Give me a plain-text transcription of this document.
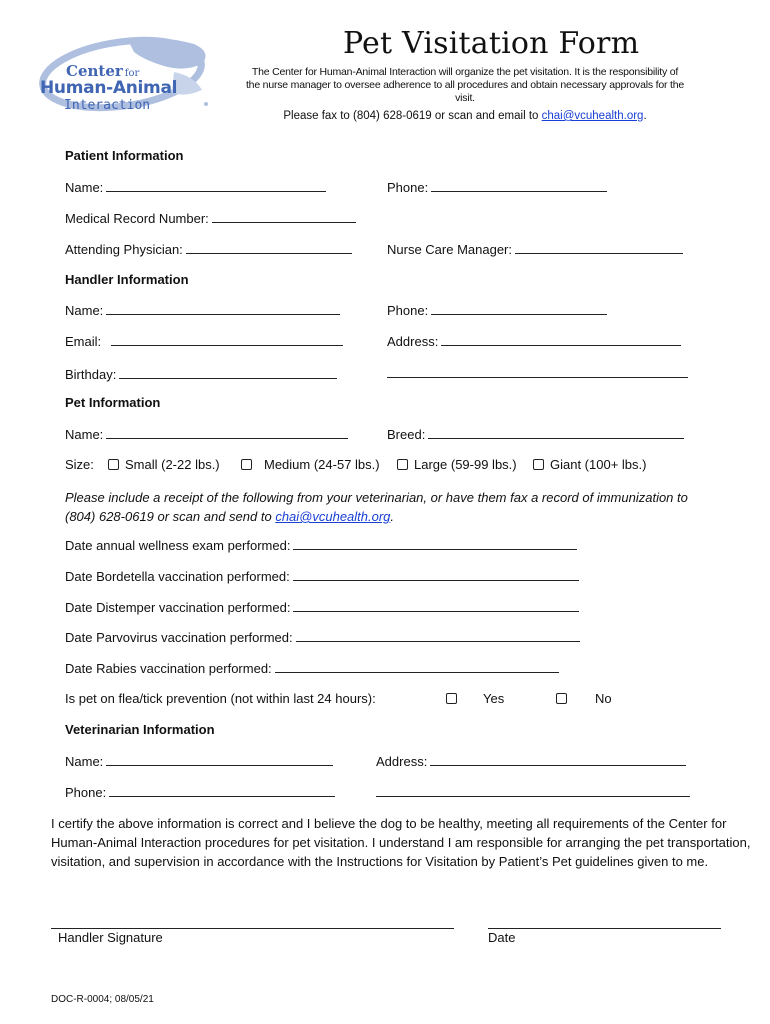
Center for
Human-Animal
Interaction
Pet Visitation Form
The Center for Human-Animal Interaction will organize the pet visitation. It is the responsibility of the nurse manager to oversee adherence to all procedures and obtain necessary approvals for the visit.
Please fax to (804) 628-0619 or scan and email to chai@vcuhealth.org.
Patient Information
Name:	Phone:
Medical Record Number:
Attending Physician:	Nurse Care Manager:
Handler Information
Name:	Phone:
Email:	Address:
Birthday:
Pet Information
Name:	Breed:
Size:	Small (2-22 lbs.)	Medium (24-57 lbs.)	Large (59-99 lbs.)	Giant (100+ lbs.)
Please include a receipt of the following from your veterinarian, or have them fax a record of immunization to
(804) 628-0619 or scan and send to chai@vcuhealth.org.
Date annual wellness exam performed:
Date Bordetella vaccination performed:
Date Distemper vaccination performed:
Date Parvovirus vaccination performed:
Date Rabies vaccination performed:
Is pet on flea/tick prevention (not within last 24 hours):	Yes	No
Veterinarian Information
Name:	Address:
Phone:
I certify the above information is correct and I believe the dog to be healthy, meeting all requirements of the Center for Human-Animal Interaction procedures for pet visitation. I understand I am responsible for arranging the pet transportation, visitation, and supervision in accordance with the Instructions for Visitation by Patient’s Pet guidelines given to me.
Handler Signature	Date
DOC-R-0004; 08/05/21
